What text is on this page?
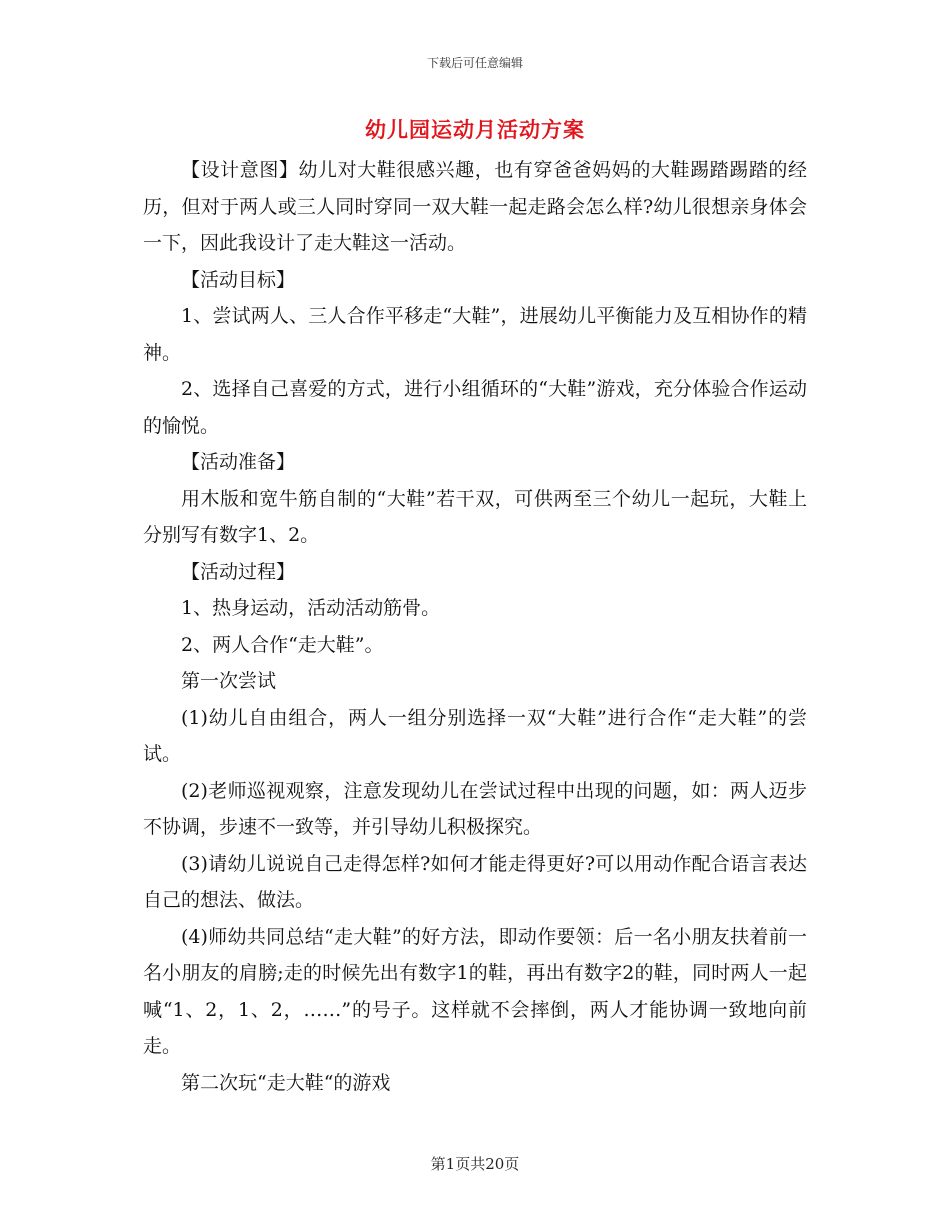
下载后可任意编辑
幼儿园运动月活动方案

【设计意图】幼儿对大鞋很感兴趣，也有穿爸爸妈妈的大鞋踢踏踢踏的经历，但对于两人或三人同时穿同一双大鞋一起走路会怎么样?幼儿很想亲身体会一下，因此我设计了走大鞋这一活动。

【活动目标】

1、尝试两人、三人合作平移走“大鞋”，进展幼儿平衡能力及互相协作的精神。

2、选择自己喜爱的方式，进行小组循环的“大鞋”游戏，充分体验合作运动的愉悦。

【活动准备】

用木版和宽牛筋自制的“大鞋”若干双，可供两至三个幼儿一起玩，大鞋上分别写有数字1、2。

【活动过程】

1、热身运动，活动活动筋骨。

2、两人合作“走大鞋”。

第一次尝试

(1)幼儿自由组合，两人一组分别选择一双“大鞋”进行合作“走大鞋”的尝试。

(2)老师巡视观察，注意发现幼儿在尝试过程中出现的问题，如：两人迈步不协调，步速不一致等，并引导幼儿积极探究。

(3)请幼儿说说自己走得怎样?如何才能走得更好?可以用动作配合语言表达自己的想法、做法。

(4)师幼共同总结“走大鞋”的好方法，即动作要领：后一名小朋友扶着前一名小朋友的肩膀;走的时候先出有数字1的鞋，再出有数字2的鞋，同时两人一起喊“1、2，1、2，……”的号子。这样就不会摔倒，两人才能协调一致地向前走。

第二次玩“走大鞋“的游戏

第1页共20页
